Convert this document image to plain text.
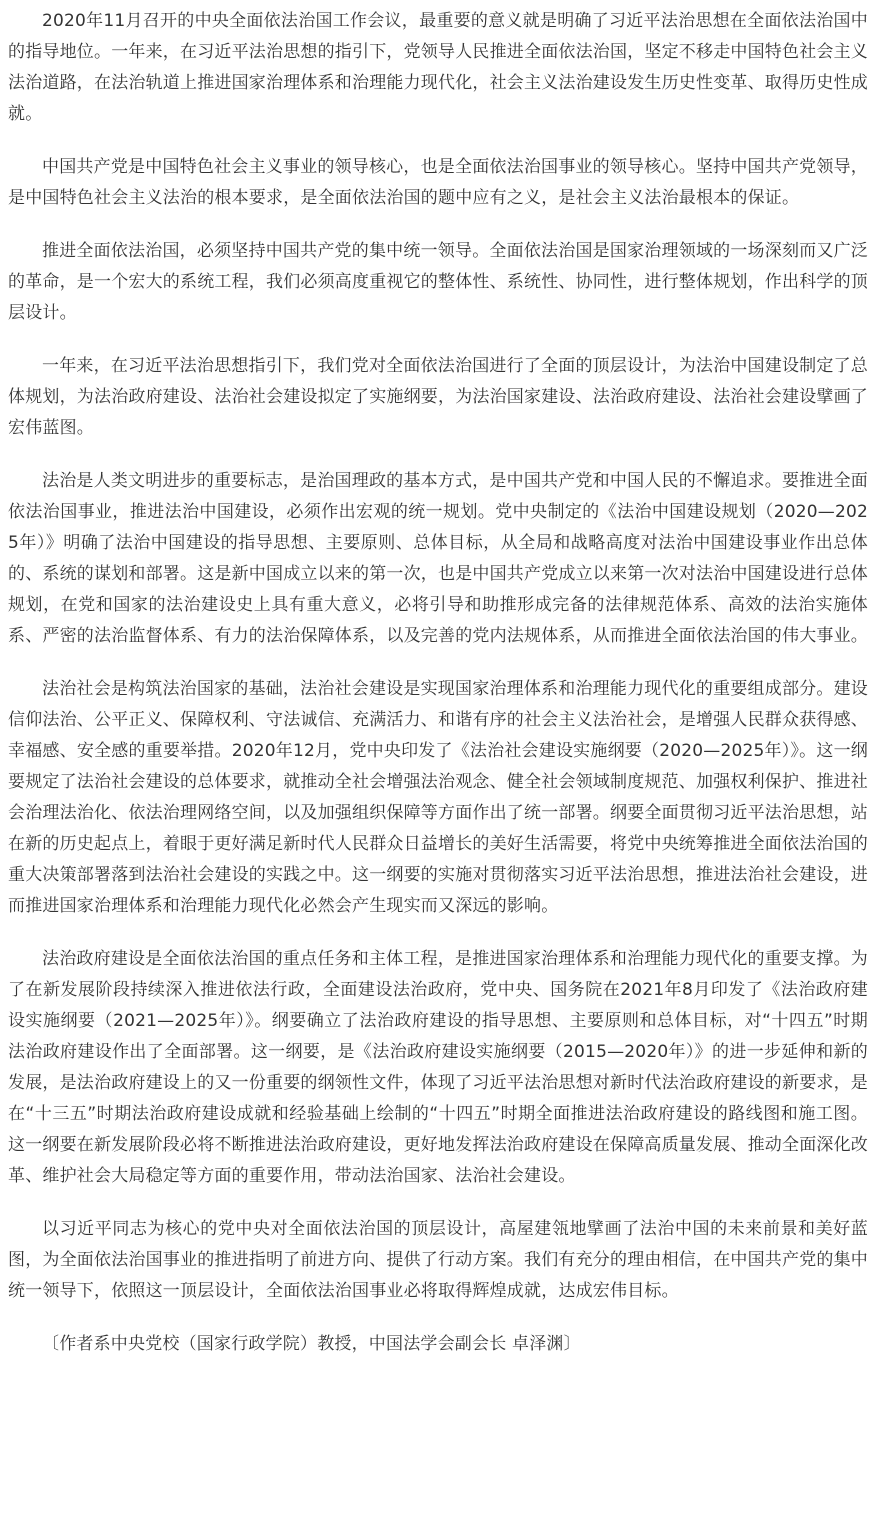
2020年11月召开的中央全面依法治国工作会议，最重要的意义就是明确了习近平法治思想在全面依法治国中的指导地位。一年来，在习近平法治思想的指引下，党领导人民推进全面依法治国，坚定不移走中国特色社会主义法治道路，在法治轨道上推进国家治理体系和治理能力现代化，社会主义法治建设发生历史性变革、取得历史性成就。

中国共产党是中国特色社会主义事业的领导核心，也是全面依法治国事业的领导核心。坚持中国共产党领导，是中国特色社会主义法治的根本要求，是全面依法治国的题中应有之义，是社会主义法治最根本的保证。

推进全面依法治国，必须坚持中国共产党的集中统一领导。全面依法治国是国家治理领域的一场深刻而又广泛的革命，是一个宏大的系统工程，我们必须高度重视它的整体性、系统性、协同性，进行整体规划，作出科学的顶层设计。

一年来，在习近平法治思想指引下，我们党对全面依法治国进行了全面的顶层设计，为法治中国建设制定了总体规划，为法治政府建设、法治社会建设拟定了实施纲要，为法治国家建设、法治政府建设、法治社会建设擘画了宏伟蓝图。

法治是人类文明进步的重要标志，是治国理政的基本方式，是中国共产党和中国人民的不懈追求。要推进全面依法治国事业，推进法治中国建设，必须作出宏观的统一规划。党中央制定的《法治中国建设规划（2020—2025年）》明确了法治中国建设的指导思想、主要原则、总体目标，从全局和战略高度对法治中国建设事业作出总体的、系统的谋划和部署。这是新中国成立以来的第一次，也是中国共产党成立以来第一次对法治中国建设进行总体规划，在党和国家的法治建设史上具有重大意义，必将引导和助推形成完备的法律规范体系、高效的法治实施体系、严密的法治监督体系、有力的法治保障体系，以及完善的党内法规体系，从而推进全面依法治国的伟大事业。

法治社会是构筑法治国家的基础，法治社会建设是实现国家治理体系和治理能力现代化的重要组成部分。建设信仰法治、公平正义、保障权利、守法诚信、充满活力、和谐有序的社会主义法治社会，是增强人民群众获得感、幸福感、安全感的重要举措。2020年12月，党中央印发了《法治社会建设实施纲要（2020—2025年）》。这一纲要规定了法治社会建设的总体要求，就推动全社会增强法治观念、健全社会领域制度规范、加强权利保护、推进社会治理法治化、依法治理网络空间，以及加强组织保障等方面作出了统一部署。纲要全面贯彻习近平法治思想，站在新的历史起点上，着眼于更好满足新时代人民群众日益增长的美好生活需要，将党中央统筹推进全面依法治国的重大决策部署落到法治社会建设的实践之中。这一纲要的实施对贯彻落实习近平法治思想，推进法治社会建设，进而推进国家治理体系和治理能力现代化必然会产生现实而又深远的影响。

法治政府建设是全面依法治国的重点任务和主体工程，是推进国家治理体系和治理能力现代化的重要支撑。为了在新发展阶段持续深入推进依法行政，全面建设法治政府，党中央、国务院在2021年8月印发了《法治政府建设实施纲要（2021—2025年）》。纲要确立了法治政府建设的指导思想、主要原则和总体目标，对“十四五”时期法治政府建设作出了全面部署。这一纲要，是《法治政府建设实施纲要（2015—2020年）》的进一步延伸和新的发展，是法治政府建设上的又一份重要的纲领性文件，体现了习近平法治思想对新时代法治政府建设的新要求，是在“十三五”时期法治政府建设成就和经验基础上绘制的“十四五”时期全面推进法治政府建设的路线图和施工图。这一纲要在新发展阶段必将不断推进法治政府建设，更好地发挥法治政府建设在保障高质量发展、推动全面深化改革、维护社会大局稳定等方面的重要作用，带动法治国家、法治社会建设。

以习近平同志为核心的党中央对全面依法治国的顶层设计，高屋建瓴地擘画了法治中国的未来前景和美好蓝图，为全面依法治国事业的推进指明了前进方向、提供了行动方案。我们有充分的理由相信，在中国共产党的集中统一领导下，依照这一顶层设计，全面依法治国事业必将取得辉煌成就，达成宏伟目标。

〔作者系中央党校（国家行政学院）教授，中国法学会副会长 卓泽渊〕
